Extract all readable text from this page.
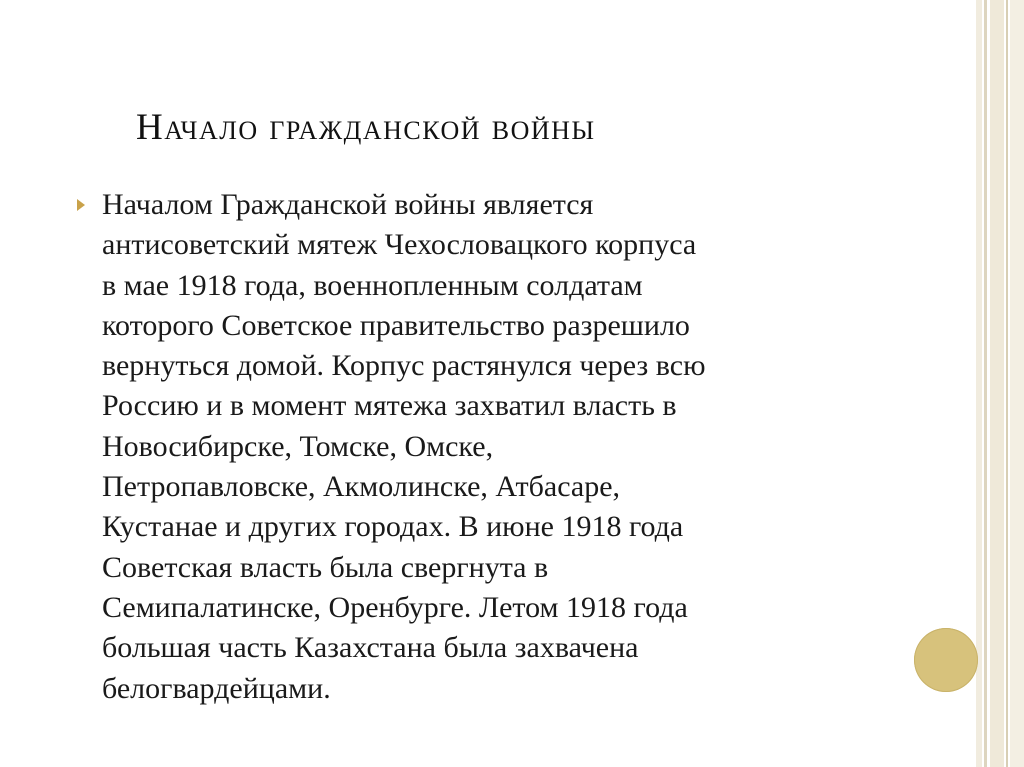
Начало гражданской войны

Началом Гражданской войны является
антисоветский мятеж Чехословацкого корпуса
в мае 1918 года, военнопленным солдатам
которого Советское правительство разрешило
вернуться домой. Корпус растянулся через всю
Россию и в момент мятежа захватил власть в
Новосибирске, Томске, Омске,
Петропавловске, Акмолинске, Атбасаре,
Кустанае и других городах. В июне 1918 года
Советская власть была свергнута в
Семипалатинске, Оренбурге. Летом 1918 года
большая часть Казахстана была захвачена
белогвардейцами.
